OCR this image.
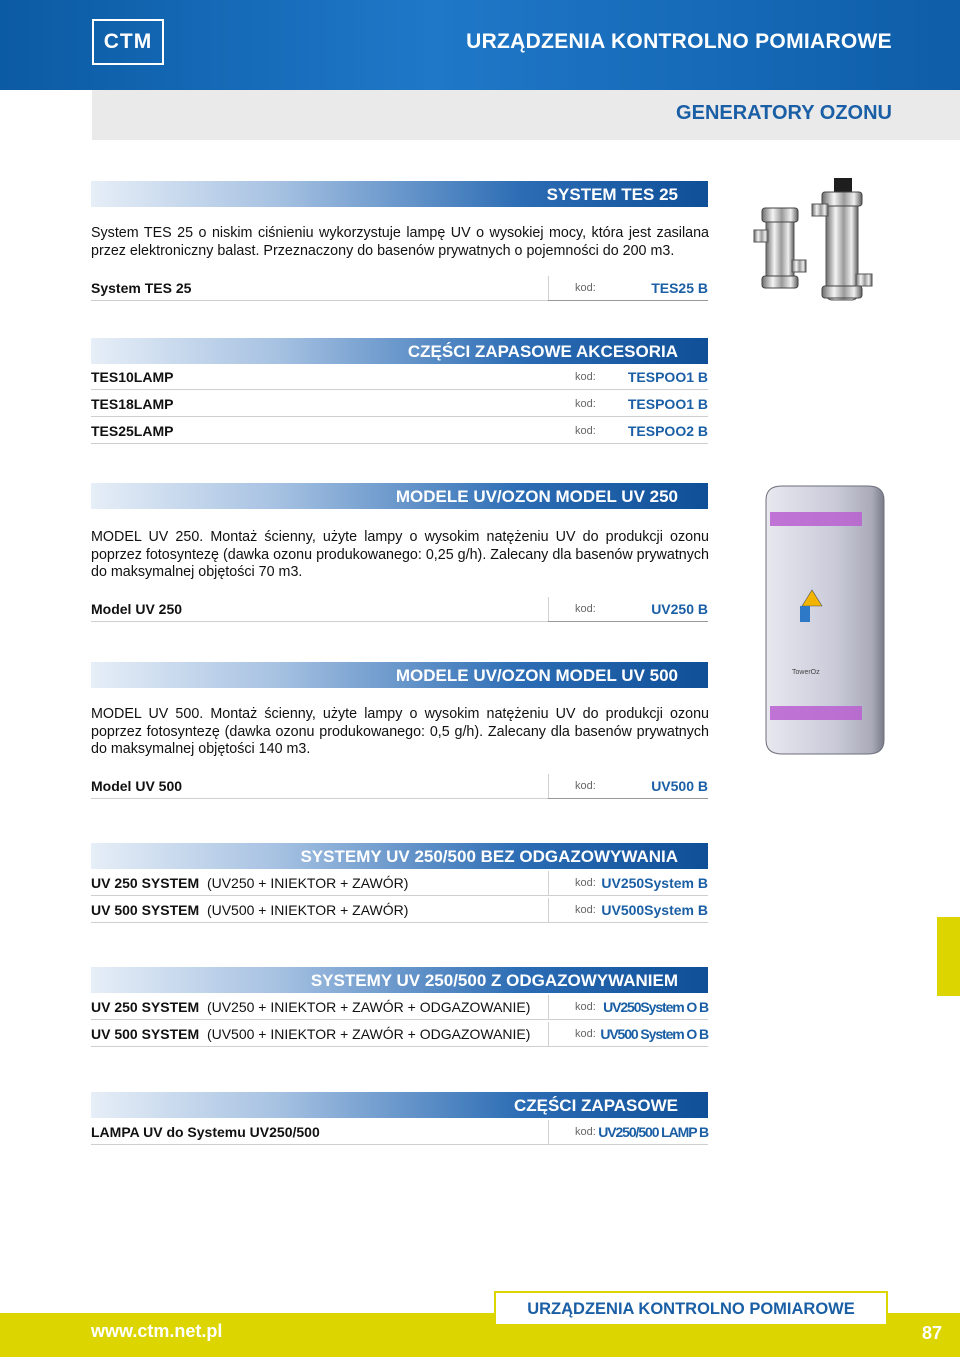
CTM	URZĄDZENIA KONTROLNO POMIAROWE
GENERATORY OZONU
TowerOz
SYSTEM TES 25
System TES 25 o niskim ciśnieniu wykorzystuje lampę UV o wysokiej mocy, która jest zasilana przez elektroniczny balast. Przeznaczony do basenów prywatnych o pojemności do 200 m3.
System TES 25	kod:	TES25 B
CZĘŚCI ZAPASOWE AKCESORIA
TES10LAMP	kod: TESPOO1 B
TES18LAMP	kod: TESPOO1 B
TES25LAMP	kod: TESPOO2 B
MODELE UV/OZON MODEL UV 250
MODEL UV 250. Montaż ścienny, użyte lampy o wysokim natężeniu UV do produkcji ozonu poprzez fotosyntezę (dawka ozonu produkowanego: 0,25 g/h). Zalecany dla basenów prywatnych do maksymalnej objętości 70 m3.
Model UV 250	kod:	UV250 B
MODELE UV/OZON MODEL UV 500
MODEL UV 500. Montaż ścienny, użyte lampy o wysokim natężeniu UV do produkcji ozonu poprzez fotosyntezę (dawka ozonu produkowanego: 0,5 g/h). Zalecany dla basenów prywatnych do maksymalnej objętości 140 m3.
Model UV 500	kod:	UV500 B
SYSTEMY UV 250/500 BEZ ODGAZOWYWANIA
UV 250 SYSTEM (UV250 + INIEKTOR + ZAWÓR)	kod: UV250System B
UV 500 SYSTEM (UV500 + INIEKTOR + ZAWÓR)	kod: UV500System B
SYSTEMY UV 250/500 Z ODGAZOWYWANIEM
UV 250 SYSTEM (UV250 + INIEKTOR + ZAWÓR + ODGAZOWANIE)	kod: UV250System O B
UV 500 SYSTEM (UV500 + INIEKTOR + ZAWÓR + ODGAZOWANIE)	kod: UV500 System O B
CZĘŚCI ZAPASOWE
LAMPA UV do Systemu UV250/500	kod: UV250/500 LAMP B
URZĄDZENIA KONTROLNO POMIAROWE
www.ctm.net.pl	87
